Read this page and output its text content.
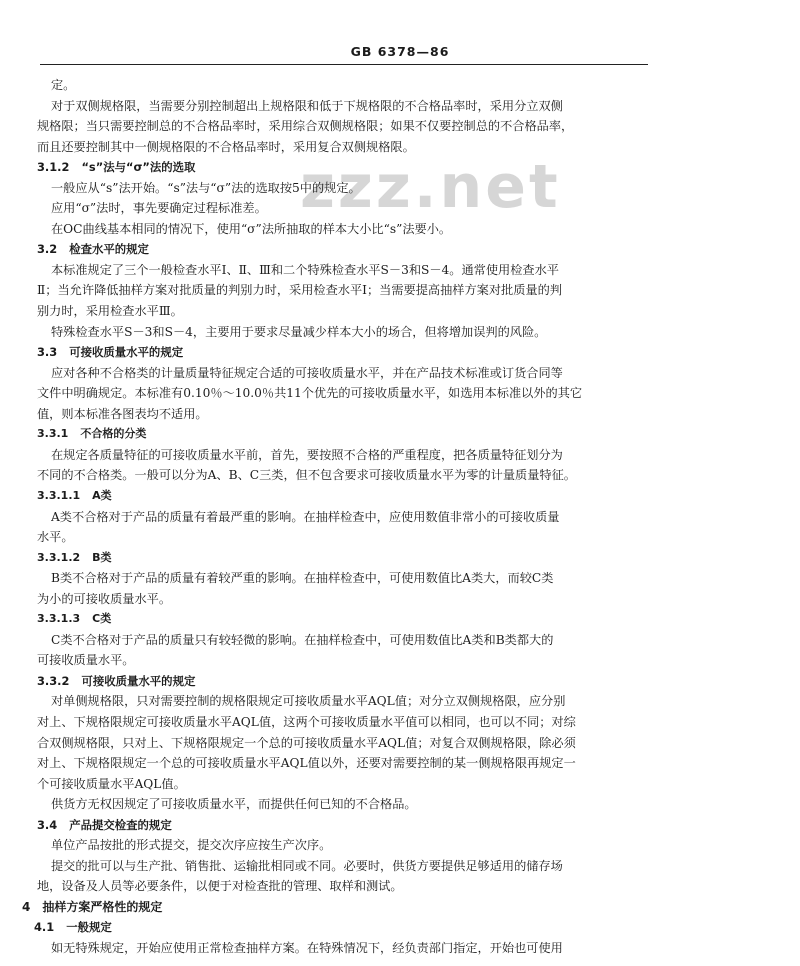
GB 6378—86
zzz.net
定。
对于双侧规格限，当需要分别控制超出上规格限和低于下规格限的不合格品率时，采用分立双侧
规格限；当只需要控制总的不合格品率时，采用综合双侧规格限；如果不仅要控制总的不合格品率，
而且还要控制其中一侧规格限的不合格品率时，采用复合双侧规格限。
3.1.2 “s”法与“σ”法的选取
一般应从“s”法开始。“s”法与“σ”法的选取按5中的规定。
应用“σ”法时，事先要确定过程标准差。
在OC曲线基本相同的情况下，使用“σ”法所抽取的样本大小比“s”法要小。
3.2 检查水平的规定
本标准规定了三个一般检查水平Ⅰ、Ⅱ、Ⅲ和二个特殊检查水平S－3和S－4。通常使用检查水平
Ⅱ；当允许降低抽样方案对批质量的判别力时，采用检查水平Ⅰ；当需要提高抽样方案对批质量的判
别力时，采用检查水平Ⅲ。
特殊检查水平S－3和S－4，主要用于要求尽量减少样本大小的场合，但将增加误判的风险。
3.3 可接收质量水平的规定
应对各种不合格类的计量质量特征规定合适的可接收质量水平，并在产品技术标准或订货合同等
文件中明确规定。本标准有0.10％～10.0％共11个优先的可接收质量水平，如选用本标准以外的其它
值，则本标准各图表均不适用。
3.3.1 不合格的分类
在规定各质量特征的可接收质量水平前，首先，要按照不合格的严重程度，把各质量特征划分为
不同的不合格类。一般可以分为A、B、C三类，但不包含要求可接收质量水平为零的计量质量特征。
3.3.1.1 A类
A类不合格对于产品的质量有着最严重的影响。在抽样检查中，应使用数值非常小的可接收质量
水平。
3.3.1.2 B类
B类不合格对于产品的质量有着较严重的影响。在抽样检查中，可使用数值比A类大，而较C类
为小的可接收质量水平。
3.3.1.3 C类
C类不合格对于产品的质量只有较轻微的影响。在抽样检查中，可使用数值比A类和B类都大的
可接收质量水平。
3.3.2 可接收质量水平的规定
对单侧规格限，只对需要控制的规格限规定可接收质量水平AQL值；对分立双侧规格限，应分别
对上、下规格限规定可接收质量水平AQL值，这两个可接收质量水平值可以相同，也可以不同；对综
合双侧规格限，只对上、下规格限规定一个总的可接收质量水平AQL值；对复合双侧规格限，除必须
对上、下规格限规定一个总的可接收质量水平AQL值以外，还要对需要控制的某一侧规格限再规定一
个可接收质量水平AQL值。
供货方无权因规定了可接收质量水平，而提供任何已知的不合格品。
3.4 产品提交检查的规定
单位产品按批的形式提交，提交次序应按生产次序。
提交的批可以与生产批、销售批、运输批相同或不同。必要时，供货方要提供足够适用的储存场
地，设备及人员等必要条件，以便于对检查批的管理、取样和测试。
4 抽样方案严格性的规定
4.1 一般规定
如无特殊规定，开始应使用正常检查抽样方案。在特殊情况下，经负责部门指定，开始也可使用
